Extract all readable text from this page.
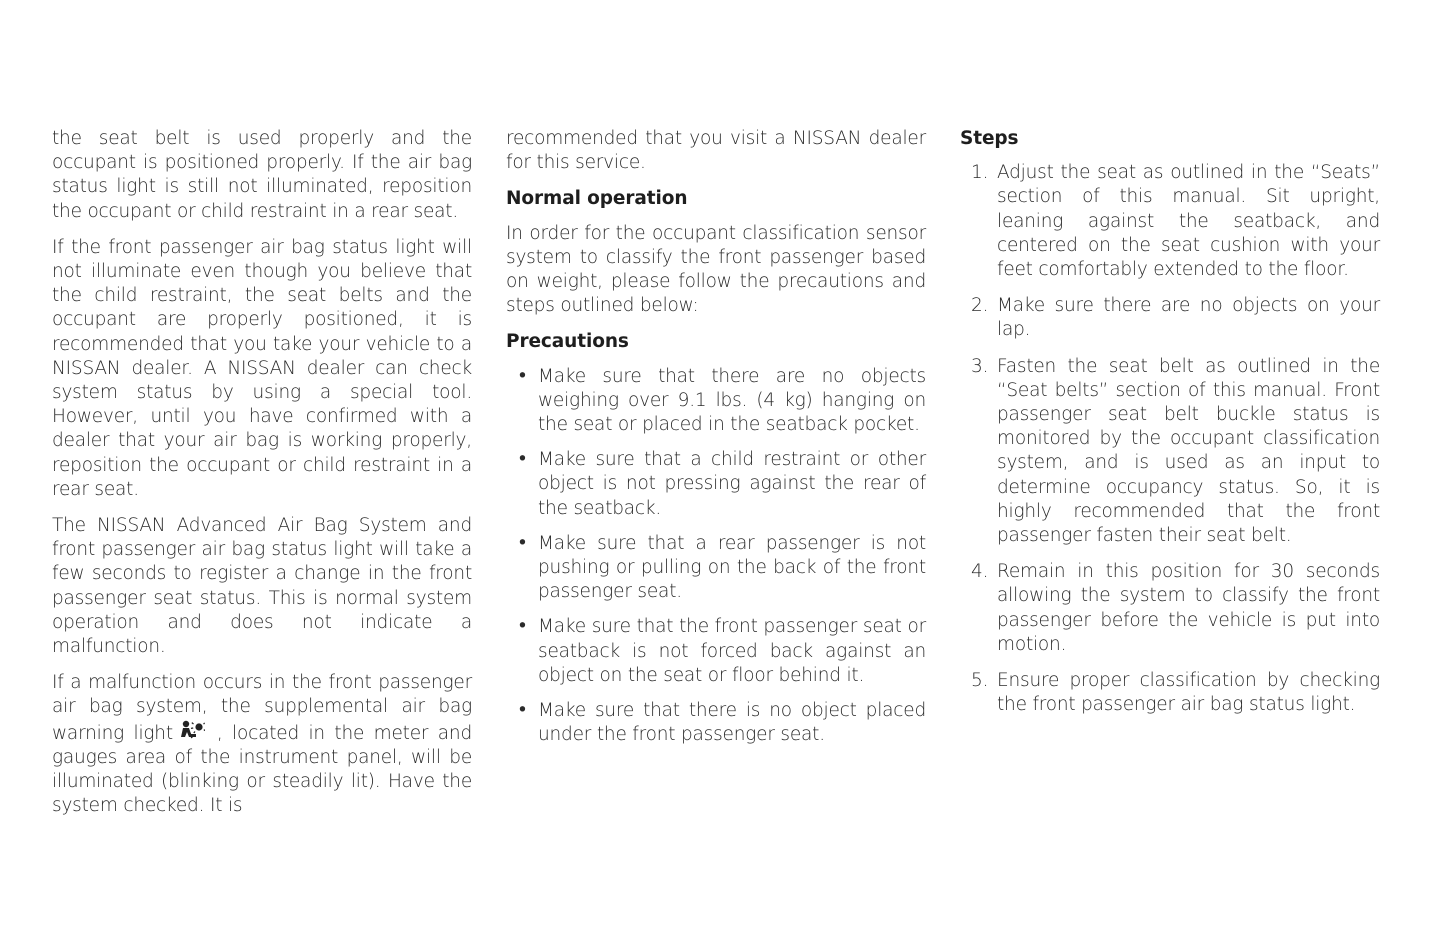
the seat belt is used properly and the occupant is positioned properly. If the air bag status light is still not illuminated, reposition the occupant or child restraint in a rear seat.

If the front passenger air bag status light will not illuminate even though you believe that the child restraint, the seat belts and the occupant are properly positioned, it is recommended that you take your vehicle to a NISSAN dealer. A NISSAN dealer can check system status by using a special tool. However, until you have confirmed with a dealer that your air bag is working properly, reposition the occupant or child restraint in a rear seat.

The NISSAN Advanced Air Bag System and front passenger air bag status light will take a few seconds to register a change in the front passenger seat status. This is normal system operation and does not indicate a malfunction.

If a malfunction occurs in the front passenger air bag system, the supplemental air bag warning light , located in the meter and gauges area of the instrument panel, will be illuminated (blinking or steadily lit). Have the system checked. It is

recommended that you visit a NISSAN dealer for this service.

Normal operation

In order for the occupant classification sensor system to classify the front passenger based on weight, please follow the precautions and steps outlined below:

Precautions
• Make sure that there are no objects weighing over 9.1 lbs. (4 kg) hanging on the seat or placed in the seatback pocket.
• Make sure that a child restraint or other object is not pressing against the rear of the seatback.
• Make sure that a rear passenger is not pushing or pulling on the back of the front passenger seat.
• Make sure that the front passenger seat or seatback is not forced back against an object on the seat or floor behind it.
• Make sure that there is no object placed under the front passenger seat.
Steps
1. Adjust the seat as outlined in the “Seats” section of this manual. Sit upright, leaning against the seatback, and centered on the seat cushion with your feet comfortably extended to the floor.
2. Make sure there are no objects on your lap.
3. Fasten the seat belt as outlined in the “Seat belts” section of this manual. Front passenger seat belt buckle status is monitored by the occupant classification system, and is used as an input to determine occupancy status. So, it is highly recommended that the front passenger fasten their seat belt.
4. Remain in this position for 30 seconds allowing the system to classify the front passenger before the vehicle is put into motion.
5. Ensure proper classification by checking the front passenger air bag status light.
